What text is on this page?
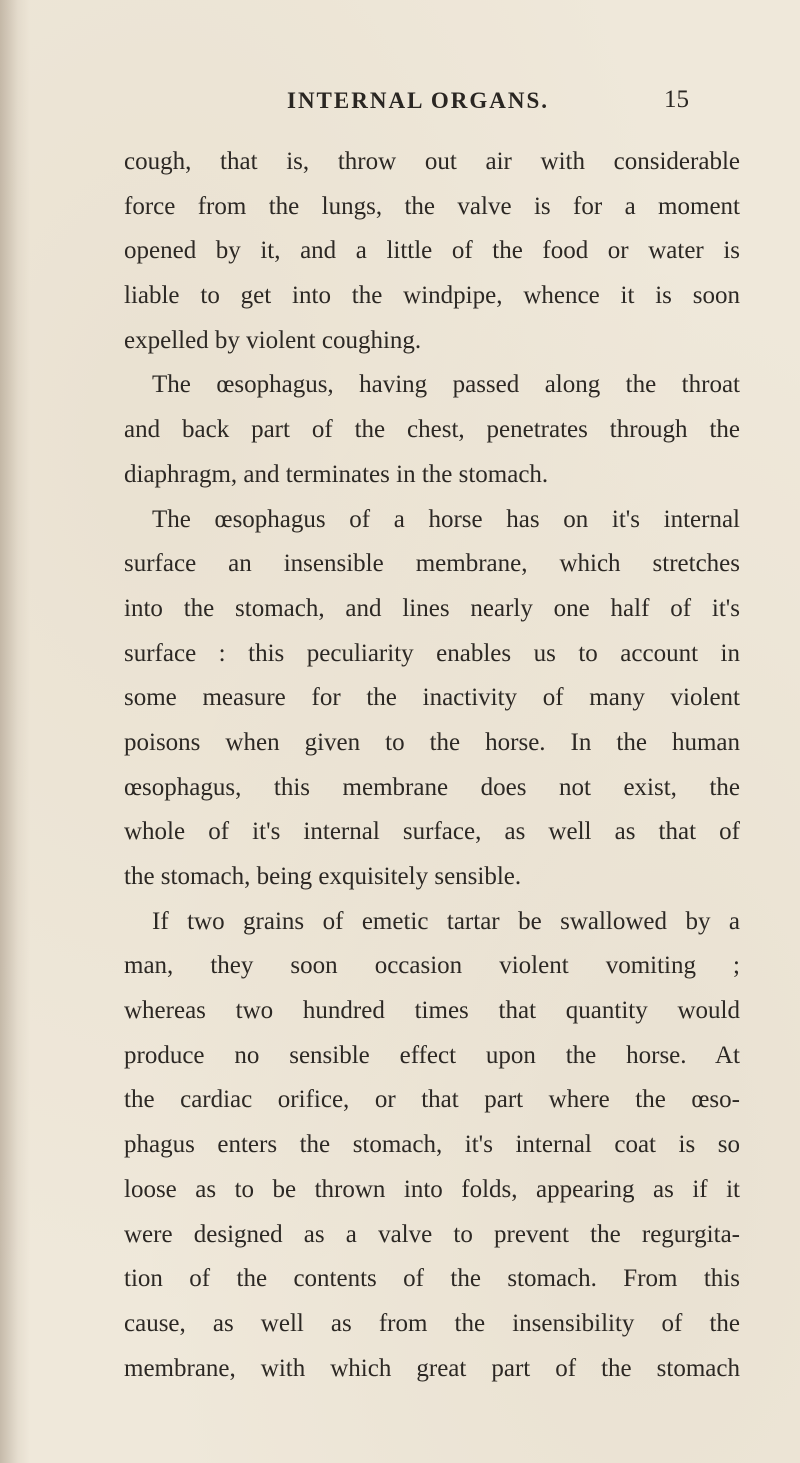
INTERNAL ORGANS.	15
cough, that is, throw out air with considerable
force from the lungs, the valve is for a moment
opened by it, and a little of the food or water is
liable to get into the windpipe, whence it is soon
expelled by violent coughing.
The œsophagus, having passed along the throat
and back part of the chest, penetrates through the
diaphragm, and terminates in the stomach.
The œsophagus of a horse has on it's internal
surface an insensible membrane, which stretches
into the stomach, and lines nearly one half of it's
surface : this peculiarity enables us to account in
some measure for the inactivity of many violent
poisons when given to the horse. In the human
œsophagus, this membrane does not exist, the
whole of it's internal surface, as well as that of
the stomach, being exquisitely sensible.
If two grains of emetic tartar be swallowed by a
man, they soon occasion violent vomiting ;
whereas two hundred times that quantity would
produce no sensible effect upon the horse. At
the cardiac orifice, or that part where the œso-
phagus enters the stomach, it's internal coat is so
loose as to be thrown into folds, appearing as if it
were designed as a valve to prevent the regurgita-
tion of the contents of the stomach. From this
cause, as well as from the insensibility of the
membrane, with which great part of the stomach
